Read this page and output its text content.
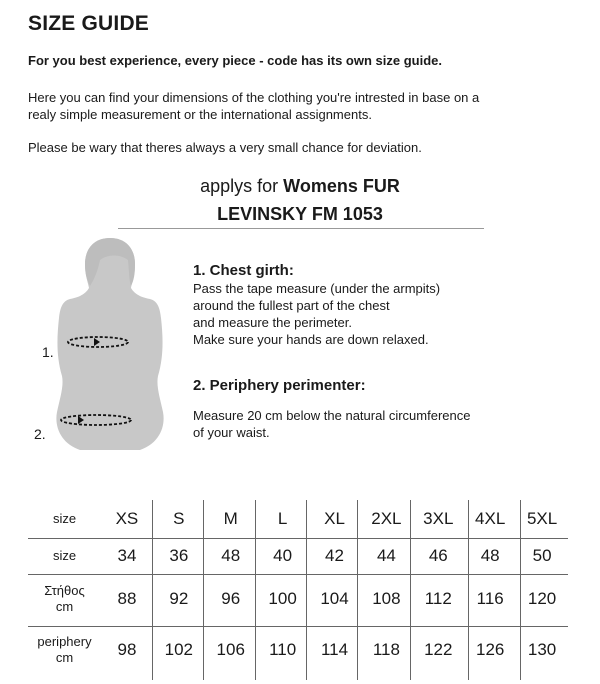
SIZE GUIDE
For you best experience, every piece - code has its own size guide.
Here you can find your dimensions of the clothing you're intrested in base on a
realy simple measurement or the international assignments.
Please be wary that theres always a very small chance for deviation.
applys for Womens FUR
LEVINSKY FM 1053
1.
2.
1. Chest girth:
Pass the tape measure (under the armpits)
around the fullest part of the chest
and measure the perimeter.
Make sure your hands are down relaxed.
2. Periphery perimenter:
Measure 20 cm below the natural circumference
of your waist.
size	XS	S	M	L	XL	2XL	3XL	4XL	5XL
size	34	36	48	40	42	44	46	48	50
Στήθος
cm	88	92	96	100	104	108	112	116	120
periphery
cm	98	102	106	110	114	118	122	126	130
